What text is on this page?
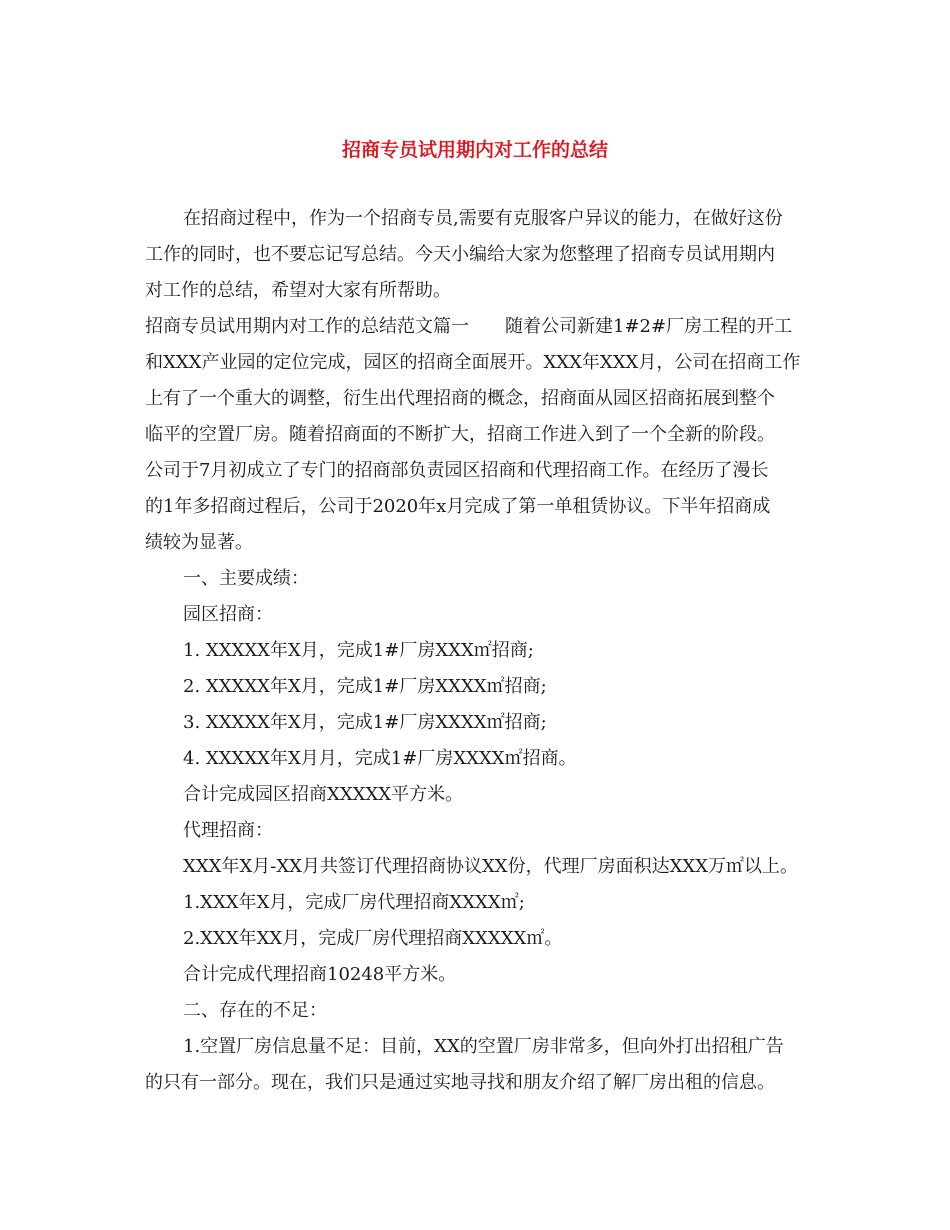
招商专员试用期内对工作的总结
在招商过程中，作为一个招商专员,需要有克服客户异议的能力，在做好这份
工作的同时，也不要忘记写总结。今天小编给大家为您整理了招商专员试用期内
对工作的总结，希望对大家有所帮助。
招商专员试用期内对工作的总结范文篇一　　随着公司新建1#2#厂房工程的开工
和XXX产业园的定位完成，园区的招商全面展开。XXX年XXX月，公司在招商工作
上有了一个重大的调整，衍生出代理招商的概念，招商面从园区招商拓展到整个
临平的空置厂房。随着招商面的不断扩大，招商工作进入到了一个全新的阶段。
公司于7月初成立了专门的招商部负责园区招商和代理招商工作。在经历了漫长
的1年多招商过程后，公司于2020年x月完成了第一单租赁协议。下半年招商成
绩较为显著。
一、主要成绩：
园区招商：
1. XXXXX年X月，完成1#厂房XXX㎡招商;
2. XXXXX年X月，完成1#厂房XXXX㎡招商;
3. XXXXX年X月，完成1#厂房XXXX㎡招商;
4. XXXXX年X月月，完成1#厂房XXXX㎡招商。
合计完成园区招商XXXXX平方米。
代理招商：
XXX年X月-XX月共签订代理招商协议XX份，代理厂房面积达XXX万㎡以上。
1.XXX年X月，完成厂房代理招商XXXX㎡;
2.XXX年XX月，完成厂房代理招商XXXXX㎡。
合计完成代理招商10248平方米。
二、存在的不足：
1.空置厂房信息量不足：目前，XX的空置厂房非常多，但向外打出招租广告
的只有一部分。现在，我们只是通过实地寻找和朋友介绍了解厂房出租的信息。
